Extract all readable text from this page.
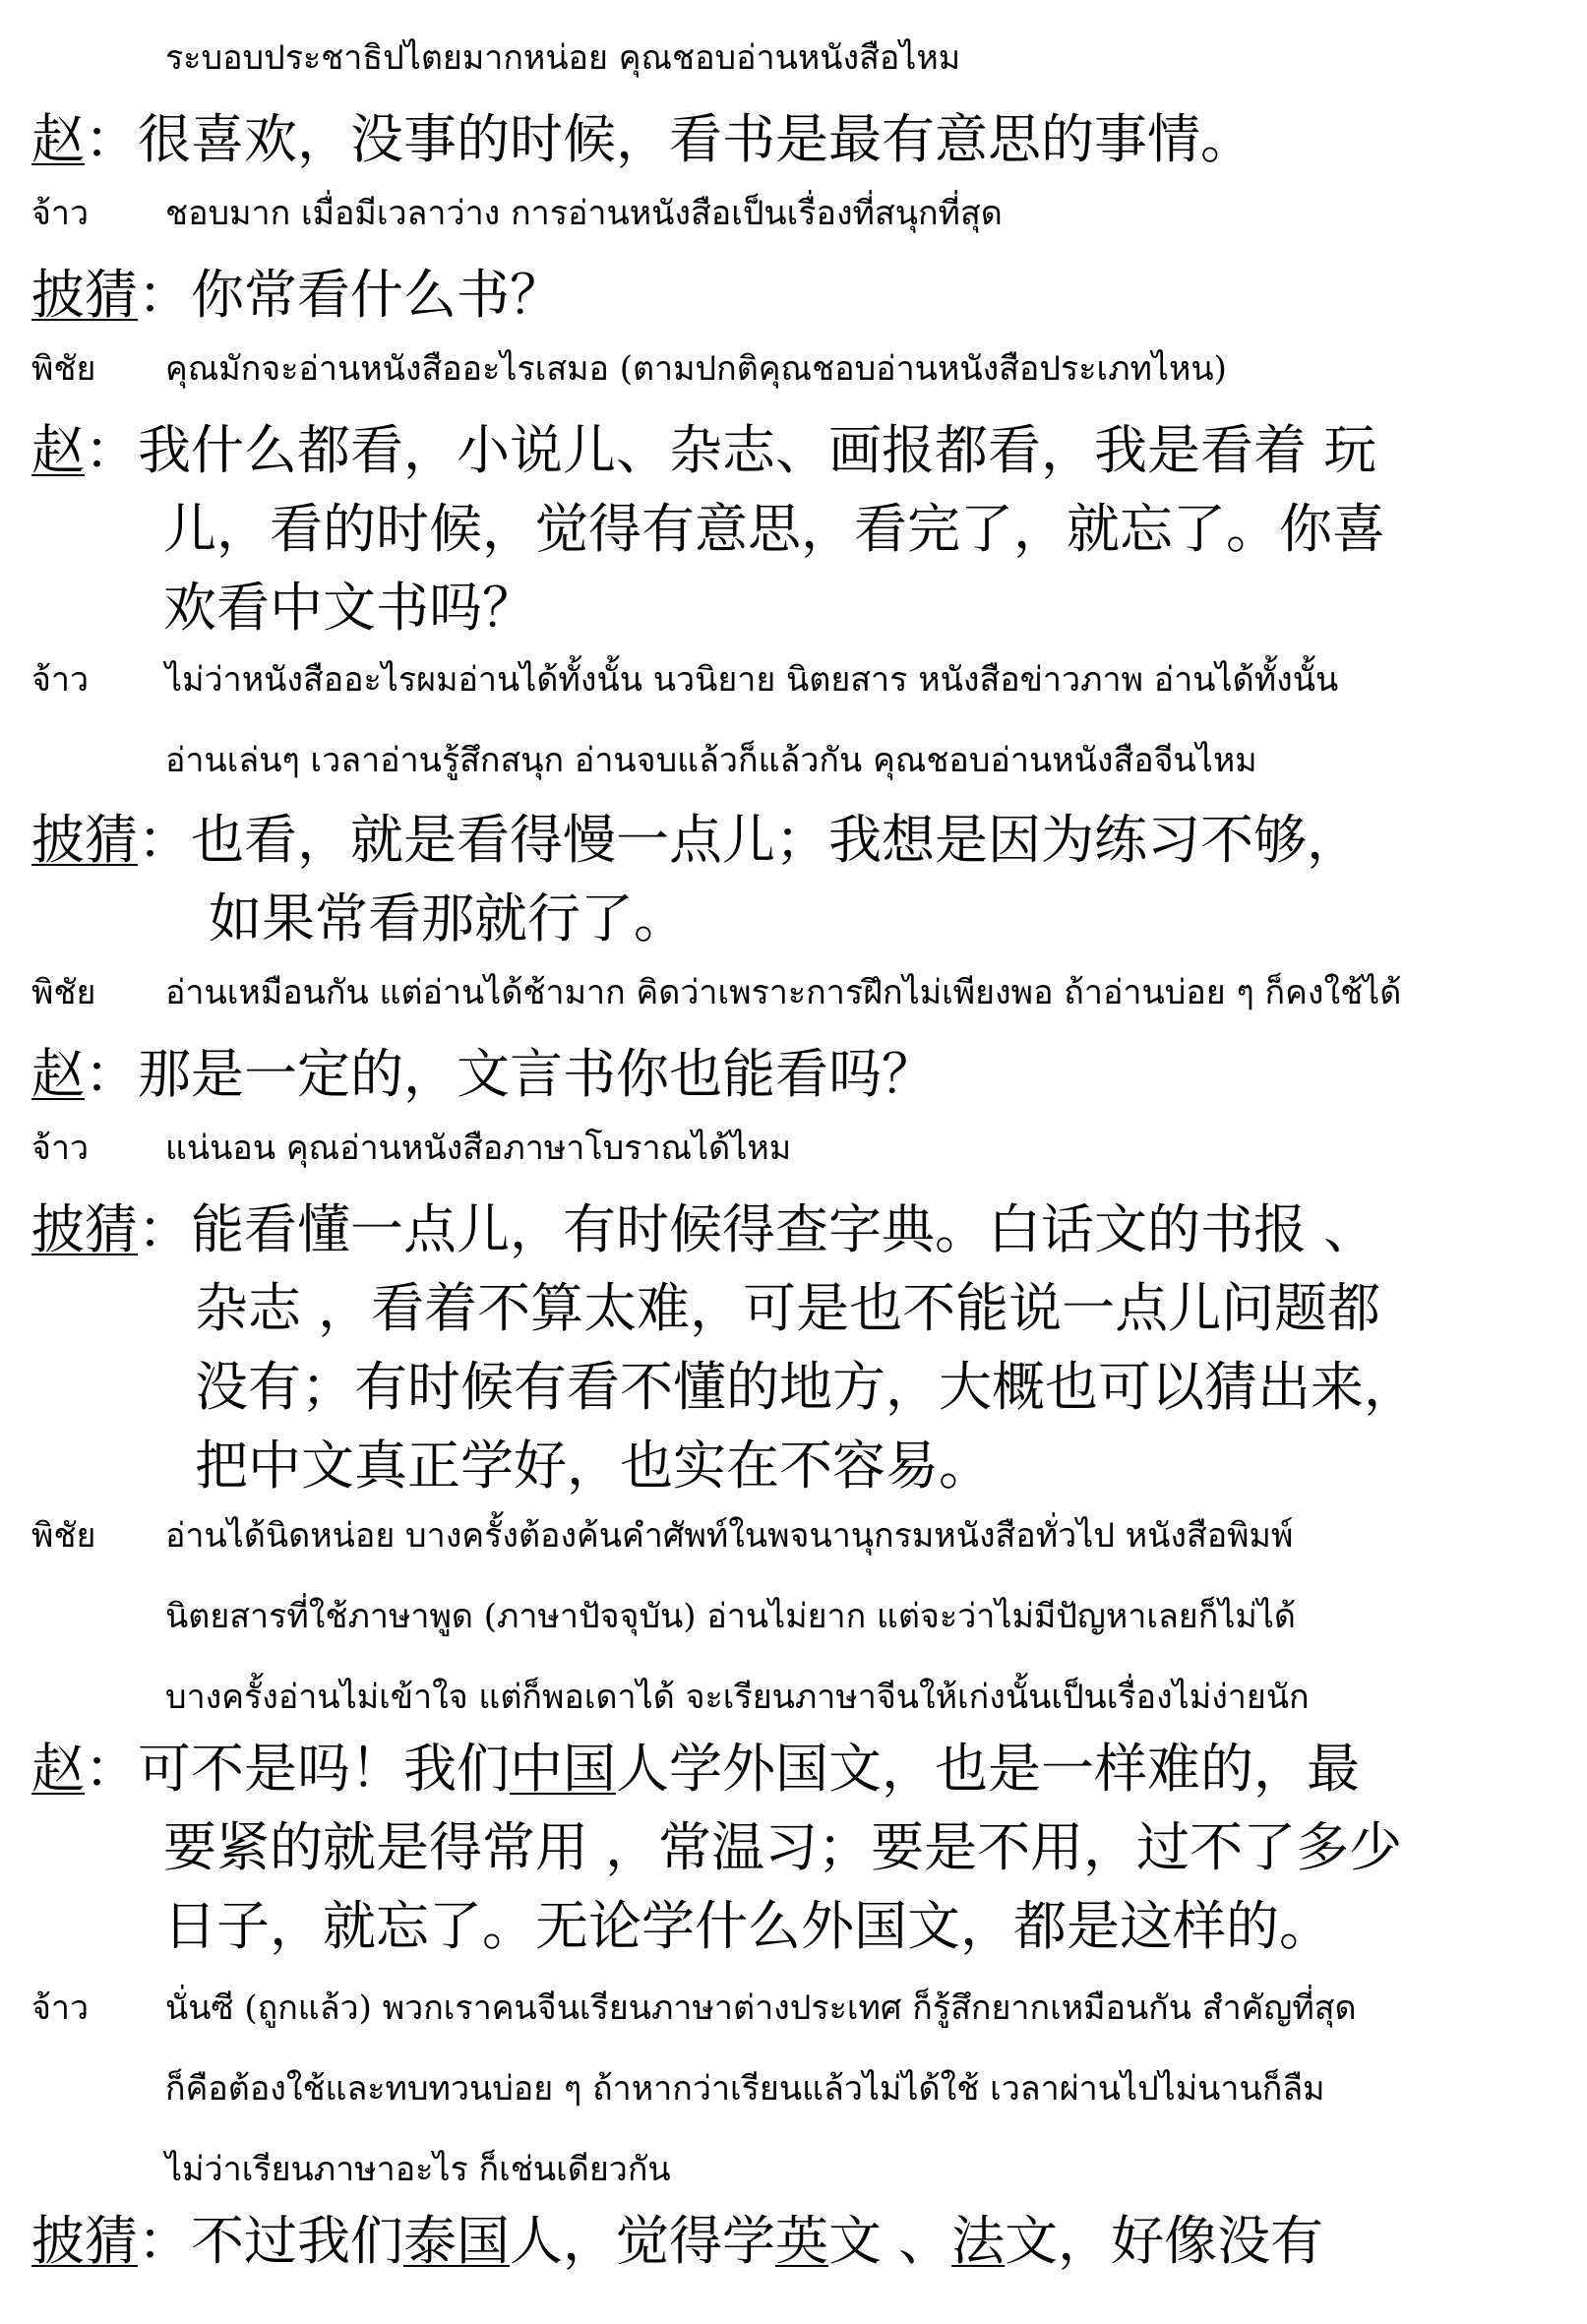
ระบอบประชาธิปไตยมากหน่อย คุณชอบอ่านหนังสือไหม
赵：很喜欢，没事的时候，看书是最有意思的事情。
จ้าว	ชอบมาก เมื่อมีเวลาว่าง การอ่านหนังสือเป็นเรื่องที่สนุกที่สุด
披猜：你常看什么书？
พิชัย	คุณมักจะอ่านหนังสืออะไรเสมอ (ตามปกติคุณชอบอ่านหนังสือประเภทไหน)
赵：我什么都看，小说儿、杂志、画报都看，我是看着 玩
儿，看的时候，觉得有意思，看完了，就忘了。你喜
欢看中文书吗？
จ้าว	ไม่ว่าหนังสืออะไรผมอ่านได้ทั้งนั้น นวนิยาย นิตยสาร หนังสือข่าวภาพ อ่านได้ทั้งนั้น
อ่านเล่นๆ เวลาอ่านรู้สึกสนุก อ่านจบแล้วก็แล้วกัน คุณชอบอ่านหนังสือจีนไหม
披猜：也看，就是看得慢一点儿；我想是因为练习不够，
如果常看那就行了。
พิชัย	อ่านเหมือนกัน แต่อ่านได้ช้ามาก คิดว่าเพราะการฝึกไม่เพียงพอ ถ้าอ่านบ่อย ๆ ก็คงใช้ได้
赵：那是一定的，文言书你也能看吗？
จ้าว	แน่นอน คุณอ่านหนังสือภาษาโบราณได้ไหม
披猜：能看懂一点儿，有时候得查字典。白话文的书报 、
杂志 ，看着不算太难，可是也不能说一点儿问题都
没有；有时候有看不懂的地方，大概也可以猜出来，
把中文真正学好，也实在不容易。
พิชัย	อ่านได้นิดหน่อย บางครั้งต้องค้นคำศัพท์ในพจนานุกรมหนังสือทั่วไป หนังสือพิมพ์
นิตยสารที่ใช้ภาษาพูด (ภาษาปัจจุบัน) อ่านไม่ยาก แต่จะว่าไม่มีปัญหาเลยก็ไม่ได้
บางครั้งอ่านไม่เข้าใจ แต่ก็พอเดาได้ จะเรียนภาษาจีนให้เก่งนั้นเป็นเรื่องไม่ง่ายนัก
赵：可不是吗！我们中国人学外国文，也是一样难的，最
要紧的就是得常用 ，常温习；要是不用，过不了多少
日子，就忘了。无论学什么外国文，都是这样的。
จ้าว	นั่นซี (ถูกแล้ว) พวกเราคนจีนเรียนภาษาต่างประเทศ ก็รู้สึกยากเหมือนกัน สำคัญที่สุด
ก็คือต้องใช้และทบทวนบ่อย ๆ ถ้าหากว่าเรียนแล้วไม่ได้ใช้ เวลาผ่านไปไม่นานก็ลืม
ไม่ว่าเรียนภาษาอะไร ก็เช่นเดียวกัน
披猜：不过我们泰国人，觉得学英文 、法文，好像没有
